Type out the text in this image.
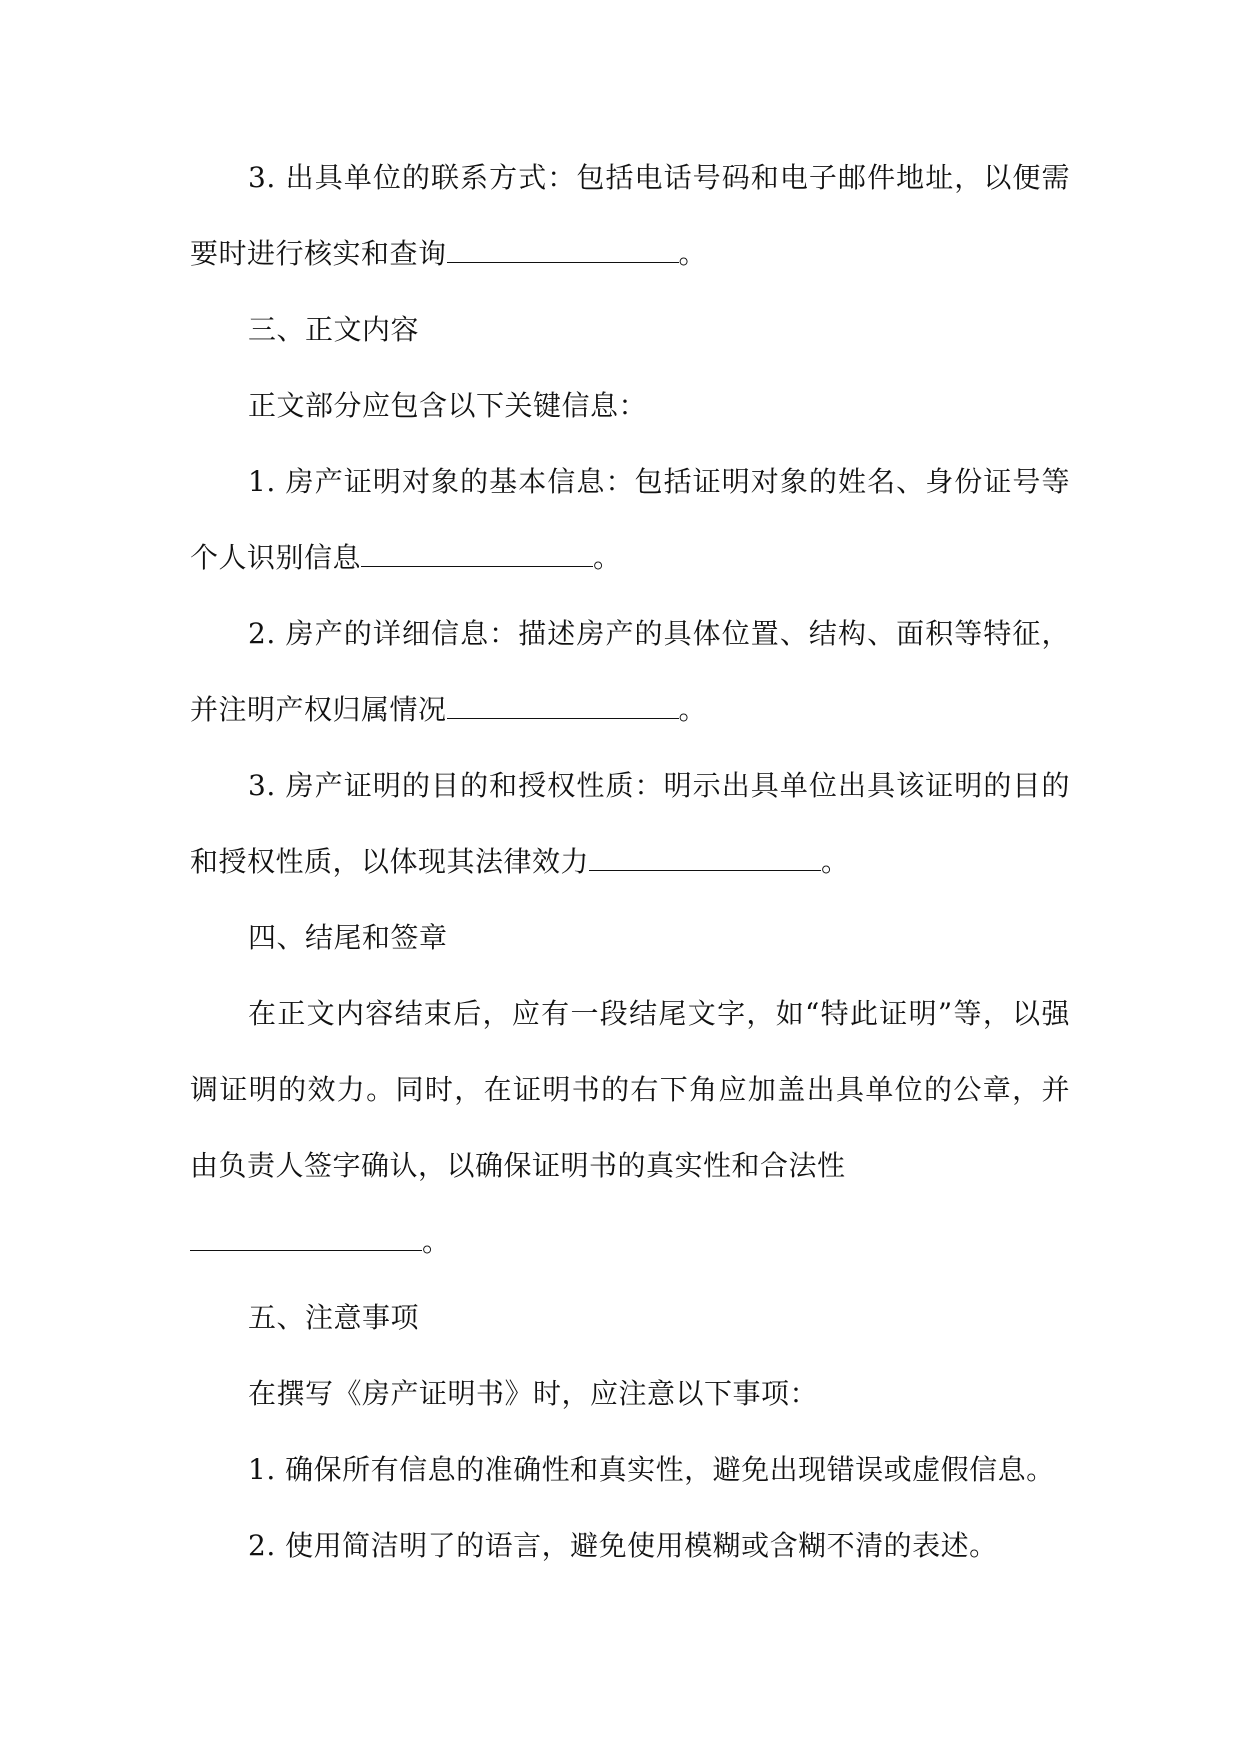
3. 出具单位的联系方式：包括电话号码和电子邮件地址，以便需要时进行核实和查询	。

三、正文内容

正文部分应包含以下关键信息：

1. 房产证明对象的基本信息：包括证明对象的姓名、身份证号等个人识别信息	。

2. 房产的详细信息：描述房产的具体位置、结构、面积等特征，并注明产权归属情况	。

3. 房产证明的目的和授权性质：明示出具单位出具该证明的目的和授权性质，以体现其法律效力	。

四、结尾和签章

在正文内容结束后，应有一段结尾文字，如“特此证明”等，以强调证明的效力。同时，在证明书的右下角应加盖出具单位的公章，并由负责人签字确认，以确保证明书的真实性和合法性
。

五、注意事项

在撰写《房产证明书》时，应注意以下事项：

1. 确保所有信息的准确性和真实性，避免出现错误或虚假信息。

2. 使用简洁明了的语言，避免使用模糊或含糊不清的表述。
